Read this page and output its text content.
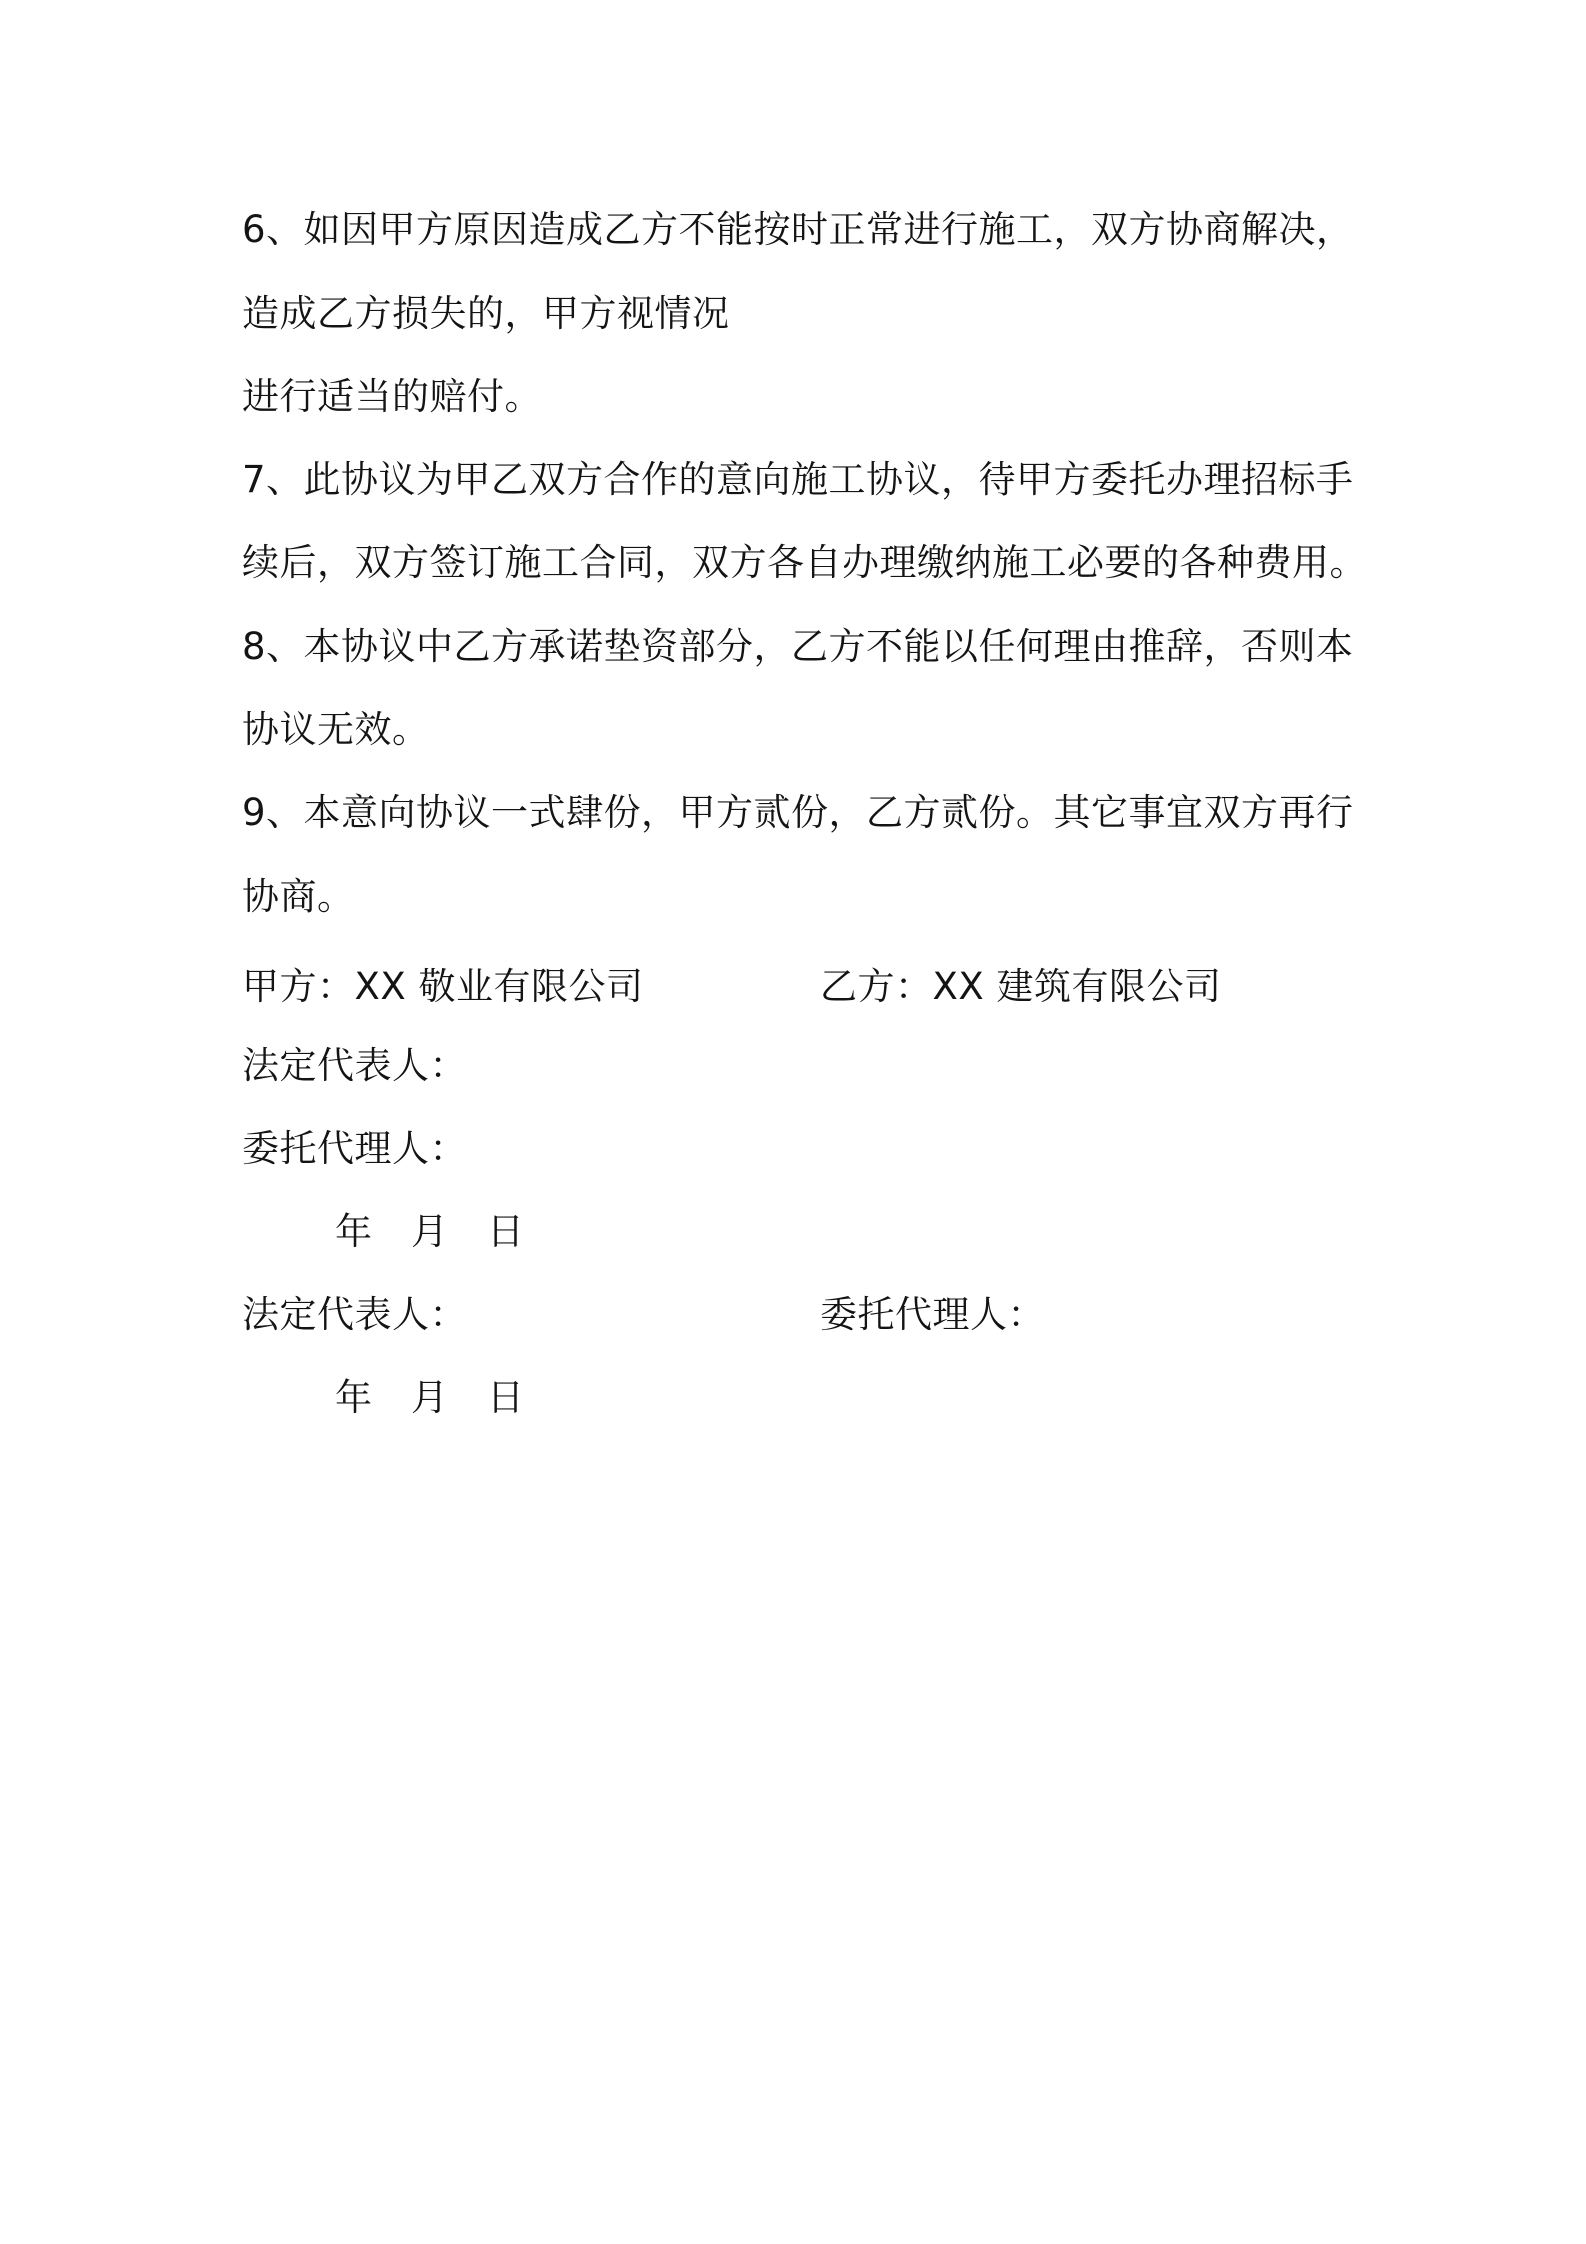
6、如因甲方原因造成乙方不能按时正常进行施工，双方协商解决，
造成乙方损失的，甲方视情况
进行适当的赔付。
7、此协议为甲乙双方合作的意向施工协议，待甲方委托办理招标手
续后，双方签订施工合同，双方各自办理缴纳施工必要的各种费用。
8、本协议中乙方承诺垫资部分，乙方不能以任何理由推辞，否则本
协议无效。
9、本意向协议一式肆份，甲方贰份，乙方贰份。其它事宜双方再行
协商。
甲方：XX 敬业有限公司	乙方：XX 建筑有限公司
法定代表人：
委托代理人：
年 月 日
法定代表人：	委托代理人：
年 月 日
